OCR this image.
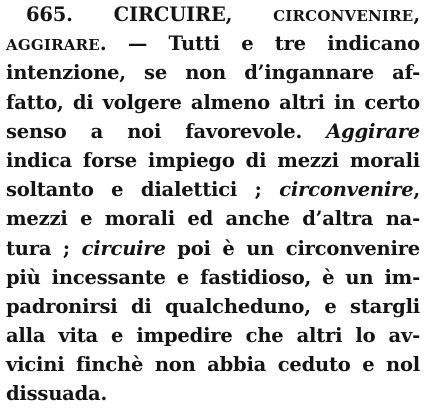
665. CIRCUIRE, CIRCONVENIRE,
AGGIRARE. — Tutti e tre indicano
intenzione, se non d’ingannare af-
fatto, di volgere almeno altri in certo
senso a noi favorevole. Aggirare
indica forse impiego di mezzi morali
soltanto e dialettici ; circonvenire,
mezzi e morali ed anche d’altra na-
tura ; circuire poi è un circonvenire
più incessante e fastidioso, è un im-
padronirsi di qualcheduno, e stargli
alla vita e impedire che altri lo av-
vicini finchè non abbia ceduto e nol
dissuada.
